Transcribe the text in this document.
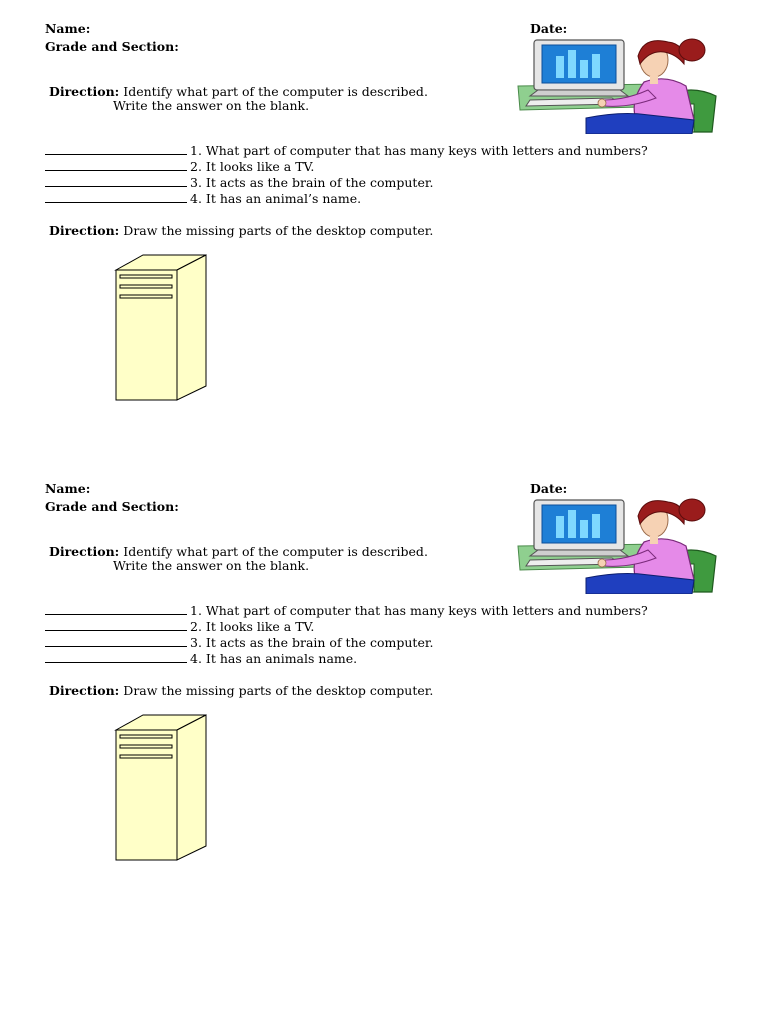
Name:
Grade and Section:
Date:
Direction: Identify what part of the computer is described.
Write the answer on the blank.
1. What part of computer that has many keys with letters and numbers?
2. It looks like a TV.
3. It acts as the brain of the computer.
4. It has an animal’s name.
Direction: Draw the missing parts of the desktop computer.
Name:
Grade and Section:
Date:
Direction: Identify what part of the computer is described.
Write the answer on the blank.
1. What part of computer that has many keys with letters and numbers?
2. It looks like a TV.
3. It acts as the brain of the computer.
4. It has an animals name.
Direction: Draw the missing parts of the desktop computer.
